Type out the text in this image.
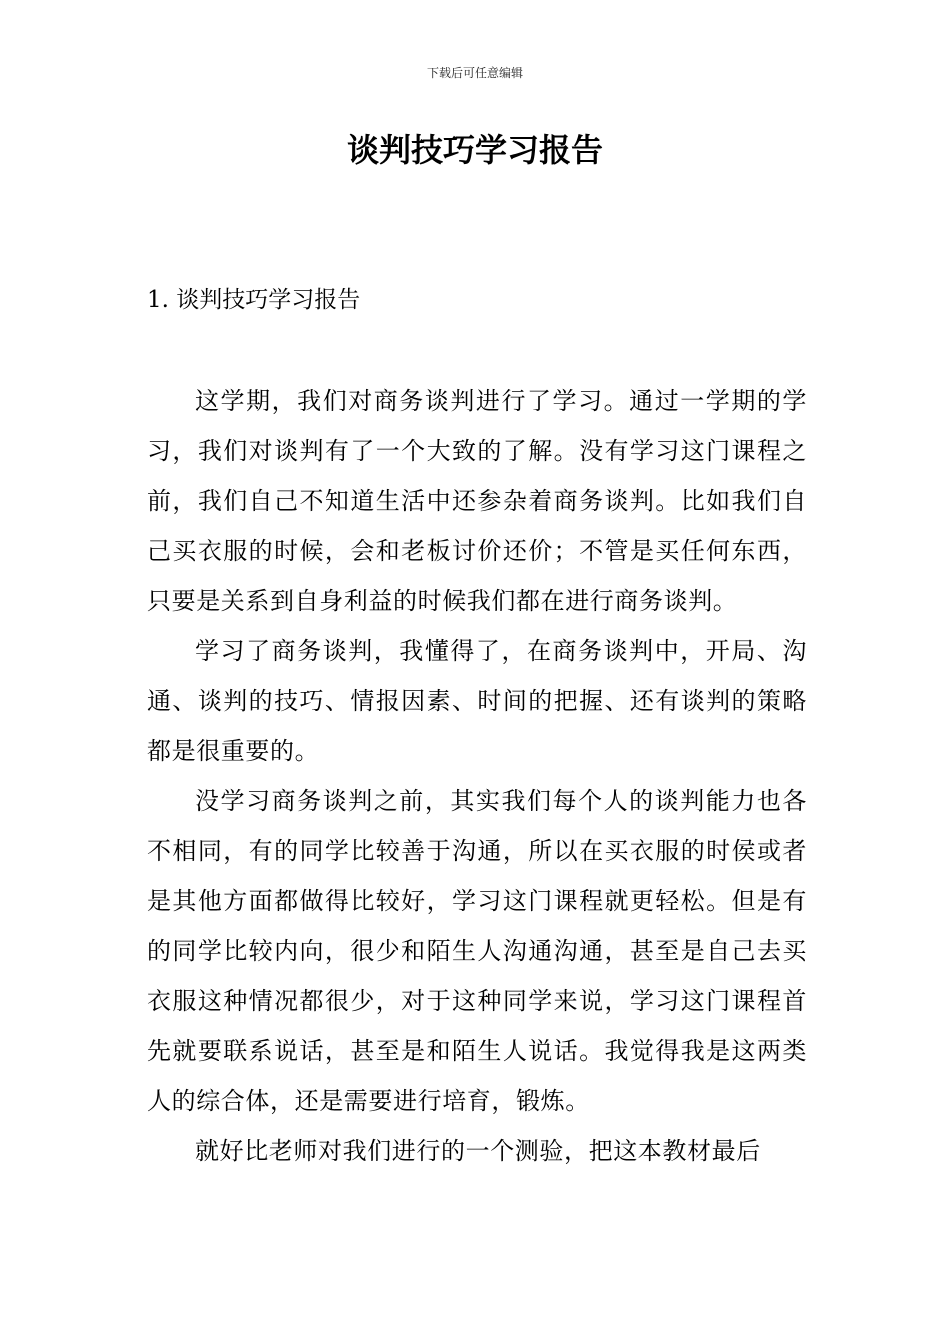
下载后可任意编辑
谈判技巧学习报告
1. 谈判技巧学习报告

这学期，我们对商务谈判进行了学习。通过一学期的学习，我们对谈判有了一个大致的了解。没有学习这门课程之前，我们自己不知道生活中还参杂着商务谈判。比如我们自己买衣服的时候，会和老板讨价还价；不管是买任何东西，只要是关系到自身利益的时候我们都在进行商务谈判。

学习了商务谈判，我懂得了，在商务谈判中，开局、沟通、谈判的技巧、情报因素、时间的把握、还有谈判的策略都是很重要的。

没学习商务谈判之前，其实我们每个人的谈判能力也各不相同，有的同学比较善于沟通，所以在买衣服的时侯或者是其他方面都做得比较好，学习这门课程就更轻松。但是有的同学比较内向，很少和陌生人沟通沟通，甚至是自己去买衣服这种情况都很少，对于这种同学来说，学习这门课程首先就要联系说话，甚至是和陌生人说话。我觉得我是这两类人的综合体，还是需要进行培育，锻炼。

就好比老师对我们进行的一个测验，把这本教材最后
